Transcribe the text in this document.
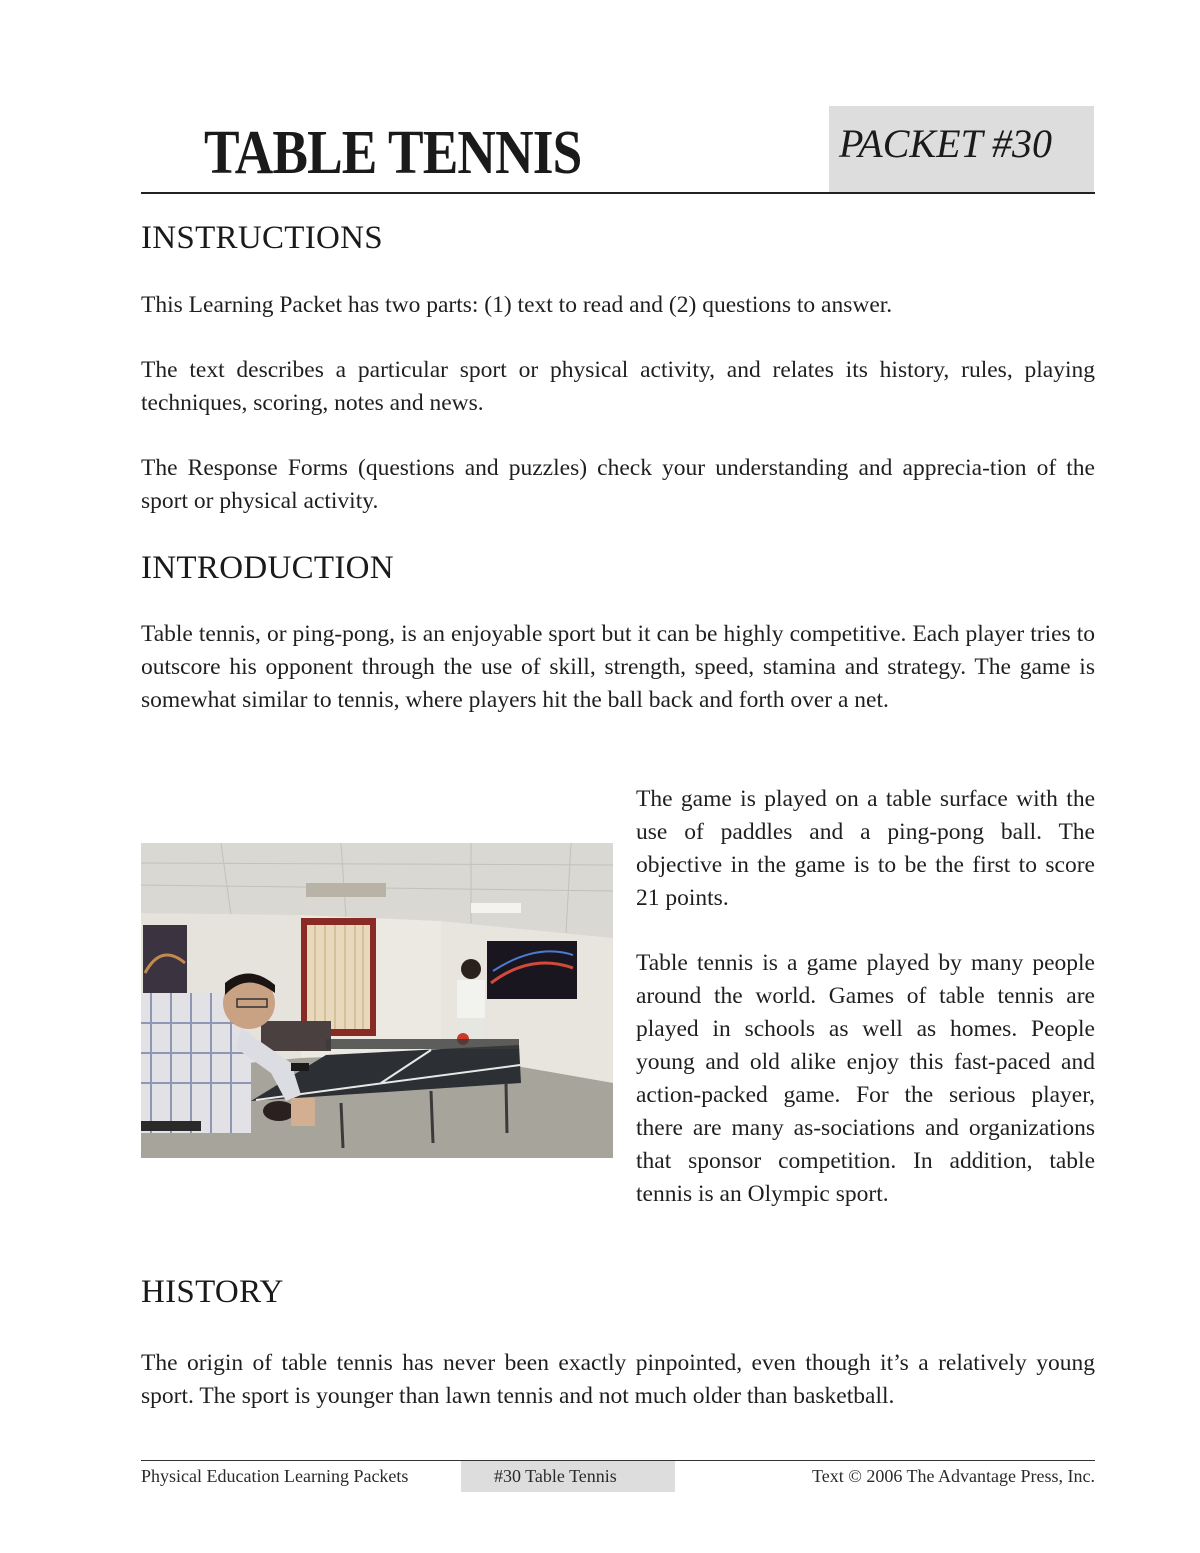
TABLE TENNIS	PACKET #30
INSTRUCTIONS

This Learning Packet has two parts: (1) text to read and (2) questions to answer.

The text describes a particular sport or physical activity, and relates its history, rules, playing techniques, scoring, notes and news.

The Response Forms (questions and puzzles) check your understanding and apprecia-tion of the sport or physical activity.

INTRODUCTION

Table tennis, or ping-pong, is an enjoyable sport but it can be highly competitive. Each player tries to outscore his opponent through the use of skill, strength, speed, stamina and strategy. The game is somewhat similar to tennis, where players hit the ball back and forth over a net.

The game is played on a table surface with the use of paddles and a ping-pong ball. The objective in the game is to be the first to score 21 points.

Table tennis is a game played by many people around the world. Games of table tennis are played in schools as well as homes. People young and old alike enjoy this fast-paced and action-packed game. For the serious player, there are many as-sociations and organizations that sponsor competition. In addition, table tennis is an Olympic sport.

HISTORY

The origin of table tennis has never been exactly pinpointed, even though it’s a relatively young sport. The sport is younger than lawn tennis and not much older than basketball.

Physical Education Learning Packets	#30 Table Tennis	Text © 2006 The Advantage Press, Inc.
